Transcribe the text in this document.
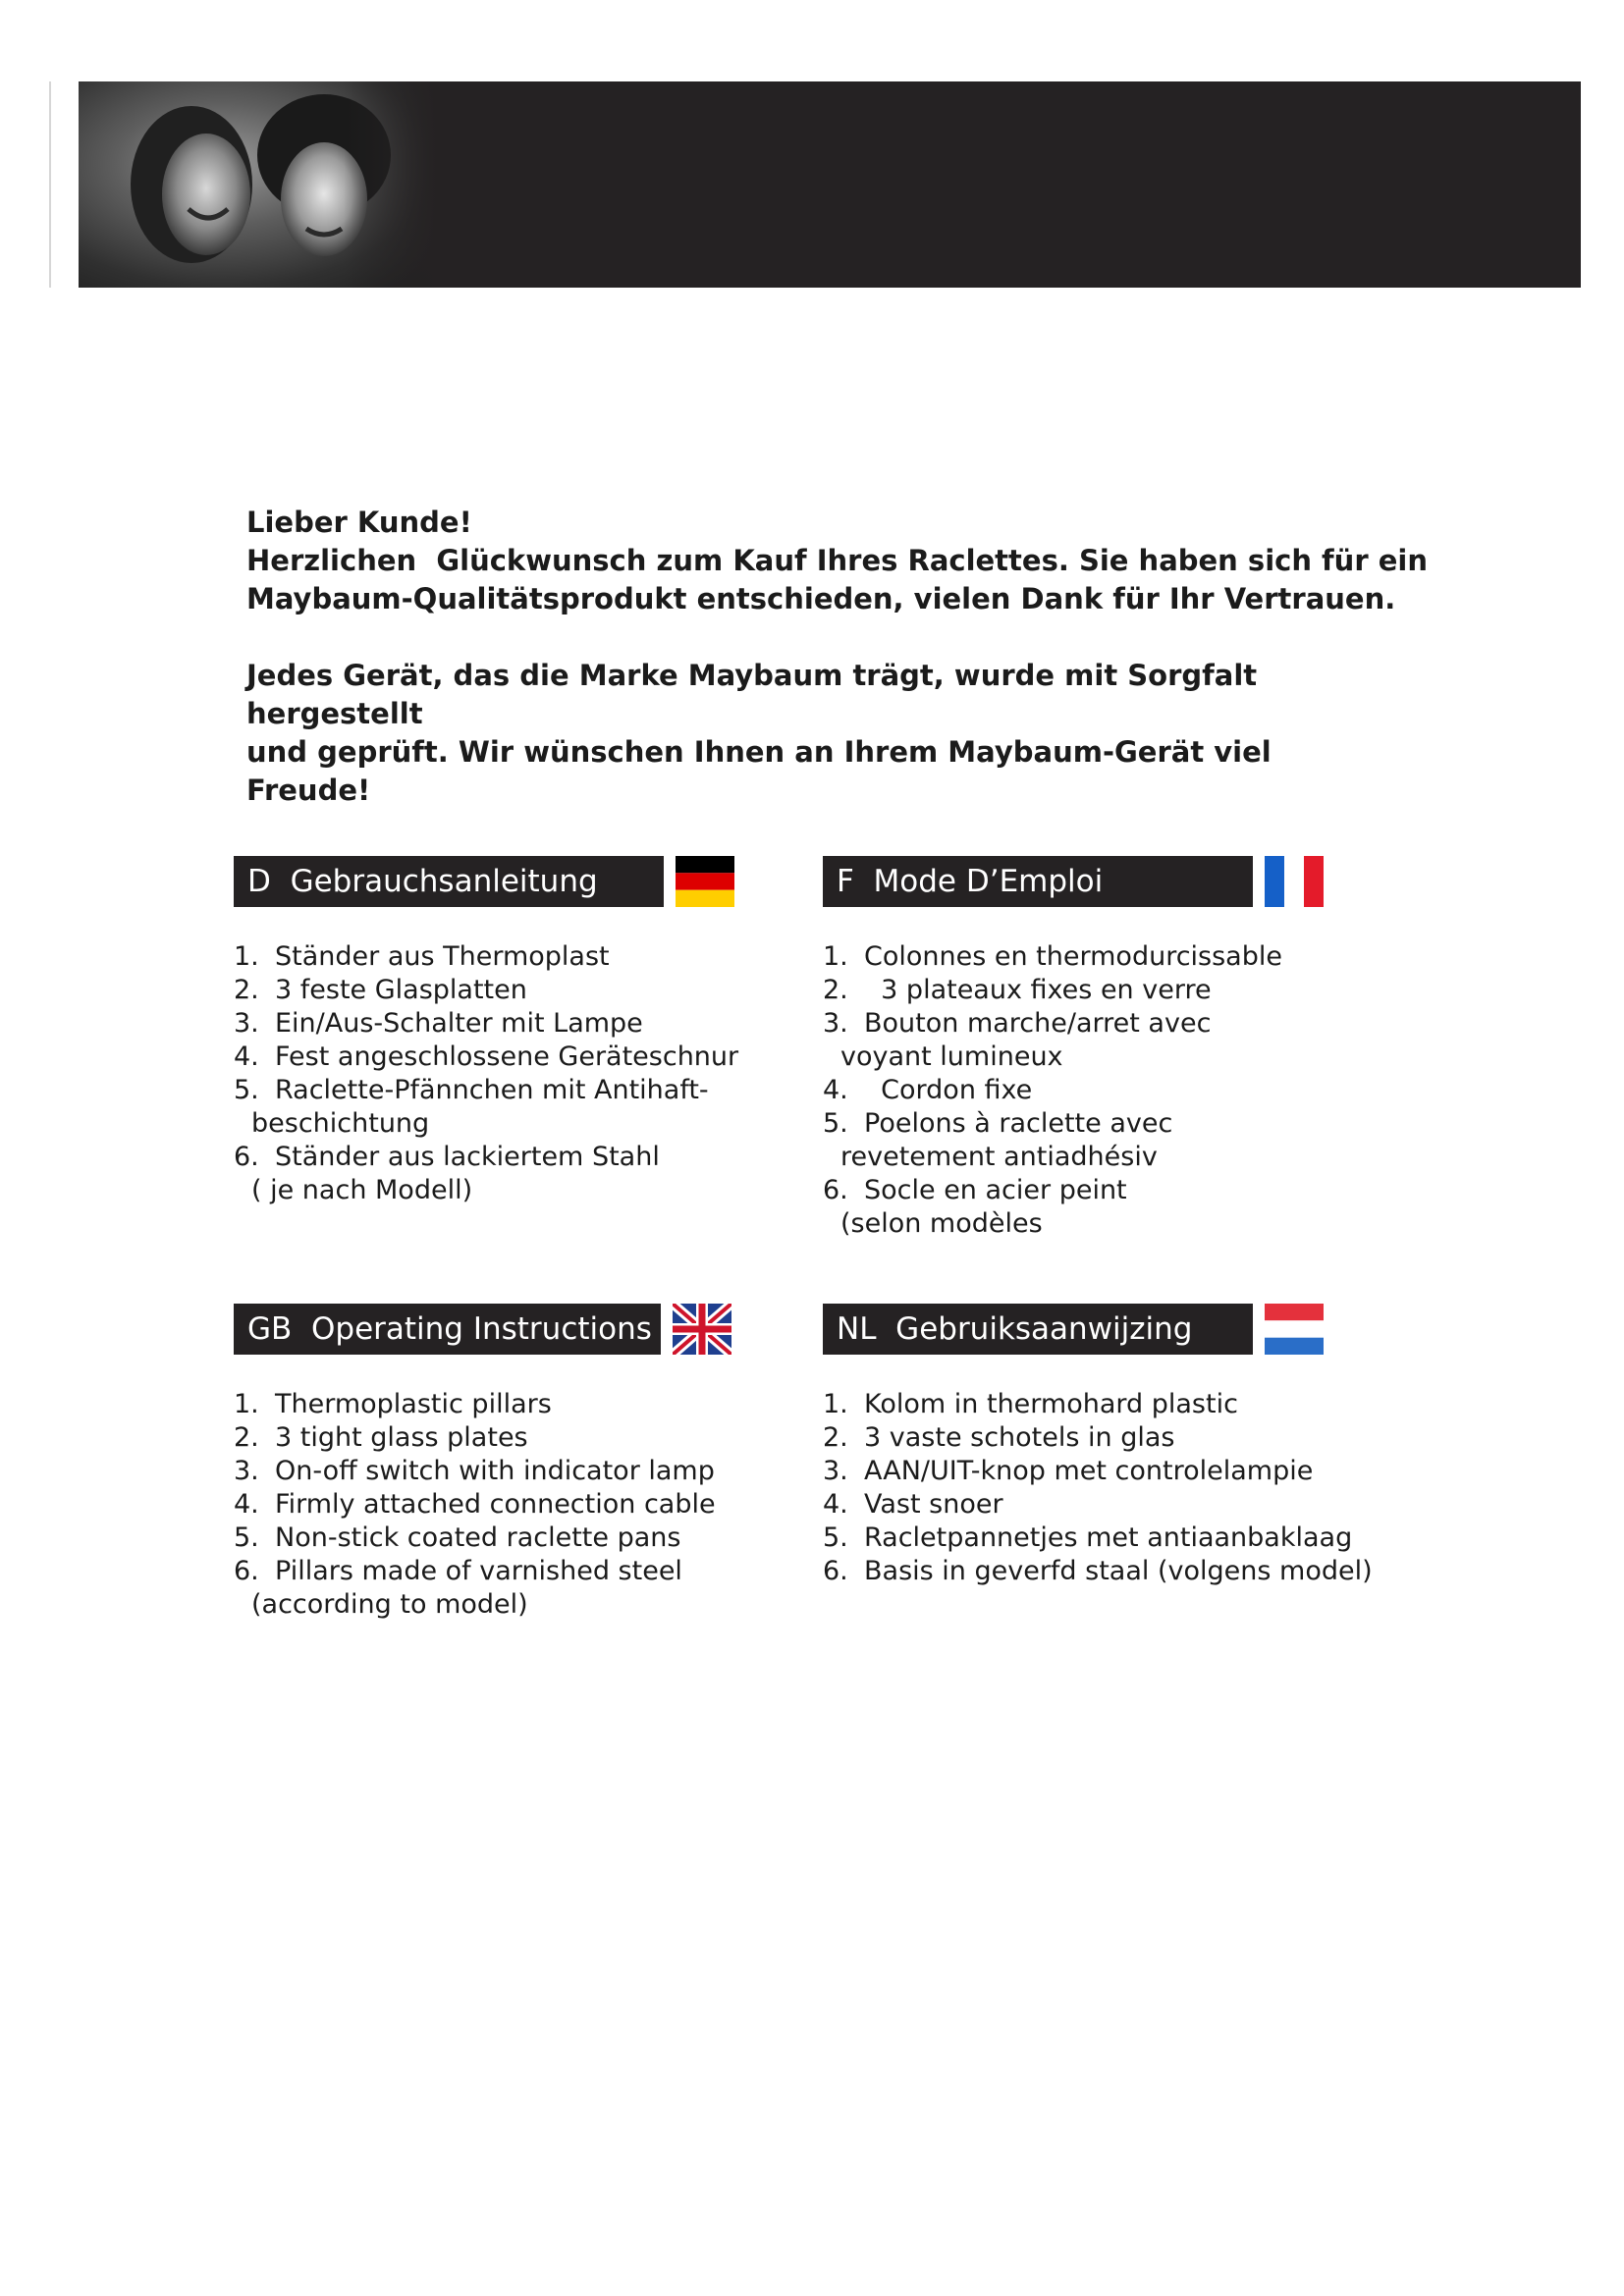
Lieber Kunde!

Herzlichen  Glückwunsch zum Kauf Ihres Raclettes. Sie haben sich für ein

Maybaum-Qualitätsprodukt entschieden, vielen Dank für Ihr Vertrauen.

Jedes Gerät, das die Marke Maybaum trägt, wurde mit Sorgfalt hergestellt

und geprüft. Wir wünschen Ihnen an Ihrem Maybaum-Gerät viel Freude!

D  Gebrauchsanleitung
1. Ständer aus Thermoplast
2. 3 feste Glasplatten
3. Ein/Aus-Schalter mit Lampe
4. Fest angeschlossene Geräteschnur
5. Raclette-Pfännchen mit Antihaft-
beschichtung
6. Ständer aus lackiertem Stahl
( je nach Modell)
F  Mode D’Emploi
1. Colonnes en thermodurcissable
2.  3 plateaux fixes en verre
3. Bouton marche/arret avec
voyant lumineux
4.  Cordon fixe
5. Poelons à raclette avec
revetement antiadhésiv
6. Socle en acier peint
(selon modèles
GB  Operating Instructions
1. Thermoplastic pillars
2. 3 tight glass plates
3. On-off switch with indicator lamp
4. Firmly attached connection cable
5. Non-stick coated raclette pans
6. Pillars made of varnished steel
(according to model)
NL  Gebruiksaanwijzing
1. Kolom in thermohard plastic
2. 3 vaste schotels in glas
3. AAN/UIT-knop met controlelampie
4. Vast snoer
5. Racletpannetjes met antiaanbaklaag
6. Basis in geverfd staal (volgens model)
